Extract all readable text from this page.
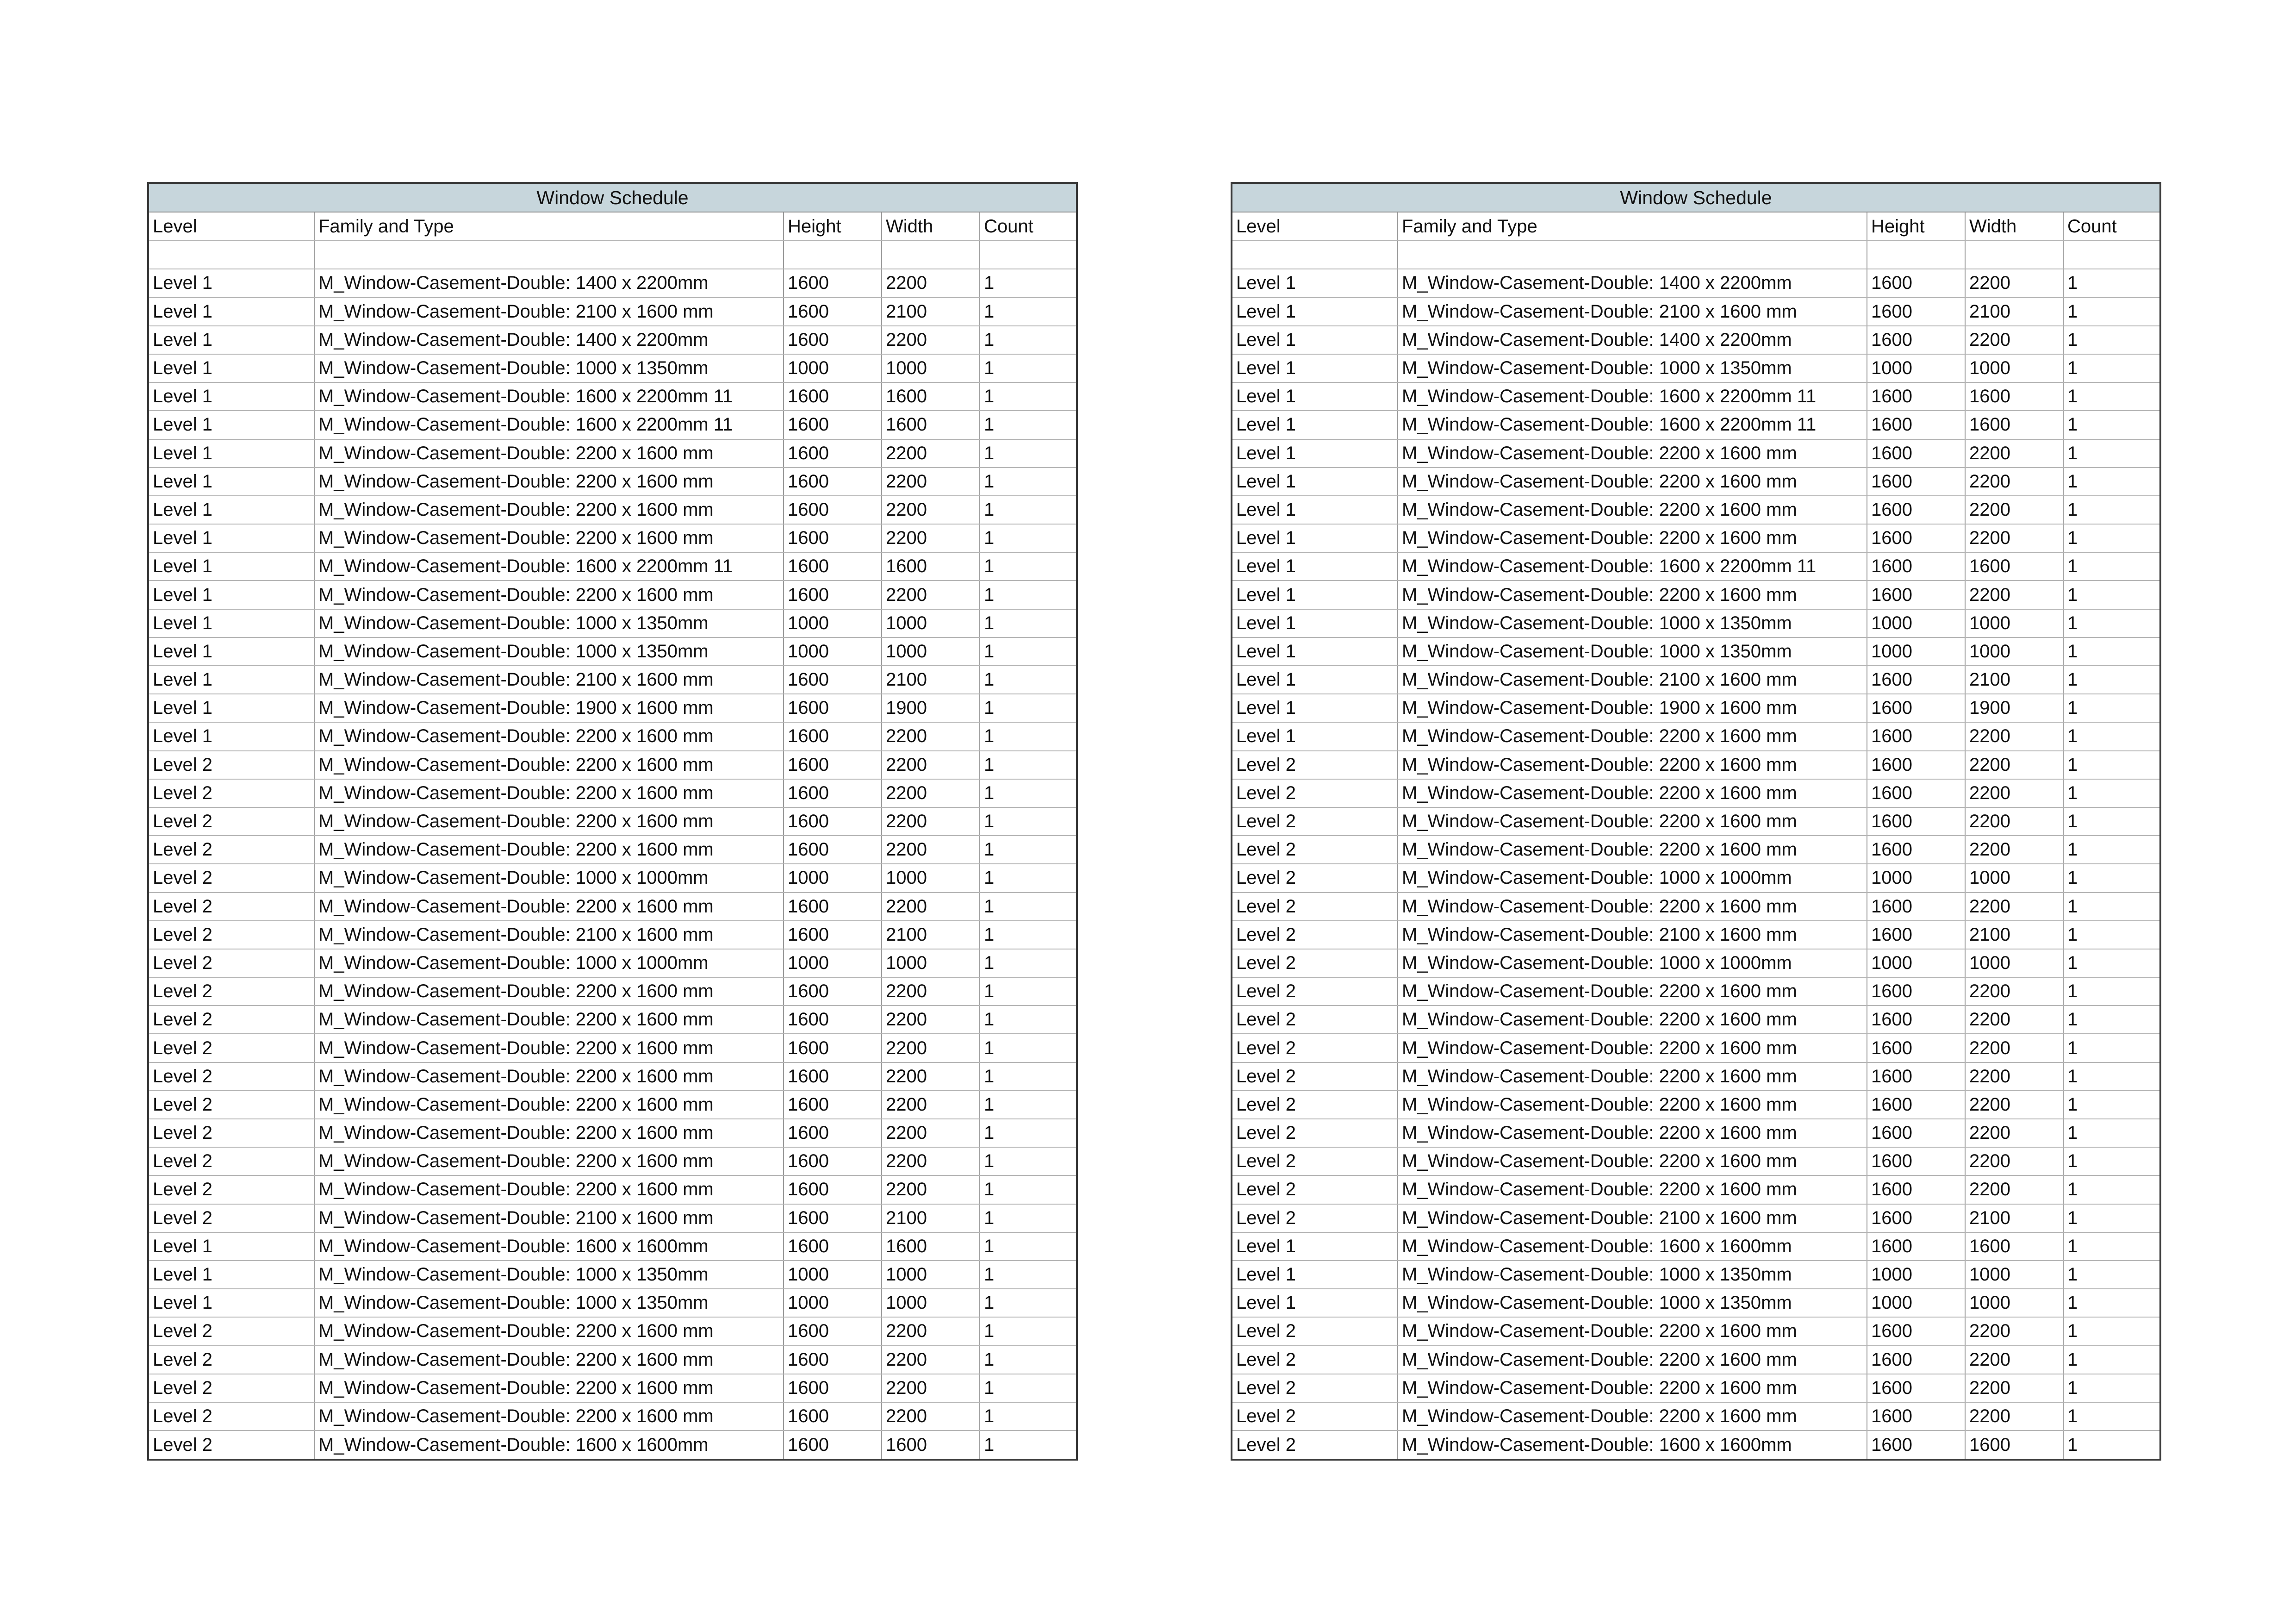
Window Schedule
Level	Family and Type	Height	Width	Count

Level 1	M_Window-Casement-Double: 1400 x 2200mm	1600	2200	1
Level 1	M_Window-Casement-Double: 2100 x 1600 mm	1600	2100	1
Level 1	M_Window-Casement-Double: 1400 x 2200mm	1600	2200	1
Level 1	M_Window-Casement-Double: 1000 x 1350mm	1000	1000	1
Level 1	M_Window-Casement-Double: 1600 x 2200mm 11	1600	1600	1
Level 1	M_Window-Casement-Double: 1600 x 2200mm 11	1600	1600	1
Level 1	M_Window-Casement-Double: 2200 x 1600 mm	1600	2200	1
Level 1	M_Window-Casement-Double: 2200 x 1600 mm	1600	2200	1
Level 1	M_Window-Casement-Double: 2200 x 1600 mm	1600	2200	1
Level 1	M_Window-Casement-Double: 2200 x 1600 mm	1600	2200	1
Level 1	M_Window-Casement-Double: 1600 x 2200mm 11	1600	1600	1
Level 1	M_Window-Casement-Double: 2200 x 1600 mm	1600	2200	1
Level 1	M_Window-Casement-Double: 1000 x 1350mm	1000	1000	1
Level 1	M_Window-Casement-Double: 1000 x 1350mm	1000	1000	1
Level 1	M_Window-Casement-Double: 2100 x 1600 mm	1600	2100	1
Level 1	M_Window-Casement-Double: 1900 x 1600 mm	1600	1900	1
Level 1	M_Window-Casement-Double: 2200 x 1600 mm	1600	2200	1
Level 2	M_Window-Casement-Double: 2200 x 1600 mm	1600	2200	1
Level 2	M_Window-Casement-Double: 2200 x 1600 mm	1600	2200	1
Level 2	M_Window-Casement-Double: 2200 x 1600 mm	1600	2200	1
Level 2	M_Window-Casement-Double: 2200 x 1600 mm	1600	2200	1
Level 2	M_Window-Casement-Double: 1000 x 1000mm	1000	1000	1
Level 2	M_Window-Casement-Double: 2200 x 1600 mm	1600	2200	1
Level 2	M_Window-Casement-Double: 2100 x 1600 mm	1600	2100	1
Level 2	M_Window-Casement-Double: 1000 x 1000mm	1000	1000	1
Level 2	M_Window-Casement-Double: 2200 x 1600 mm	1600	2200	1
Level 2	M_Window-Casement-Double: 2200 x 1600 mm	1600	2200	1
Level 2	M_Window-Casement-Double: 2200 x 1600 mm	1600	2200	1
Level 2	M_Window-Casement-Double: 2200 x 1600 mm	1600	2200	1
Level 2	M_Window-Casement-Double: 2200 x 1600 mm	1600	2200	1
Level 2	M_Window-Casement-Double: 2200 x 1600 mm	1600	2200	1
Level 2	M_Window-Casement-Double: 2200 x 1600 mm	1600	2200	1
Level 2	M_Window-Casement-Double: 2200 x 1600 mm	1600	2200	1
Level 2	M_Window-Casement-Double: 2100 x 1600 mm	1600	2100	1
Level 1	M_Window-Casement-Double: 1600 x 1600mm	1600	1600	1
Level 1	M_Window-Casement-Double: 1000 x 1350mm	1000	1000	1
Level 1	M_Window-Casement-Double: 1000 x 1350mm	1000	1000	1
Level 2	M_Window-Casement-Double: 2200 x 1600 mm	1600	2200	1
Level 2	M_Window-Casement-Double: 2200 x 1600 mm	1600	2200	1
Level 2	M_Window-Casement-Double: 2200 x 1600 mm	1600	2200	1
Level 2	M_Window-Casement-Double: 2200 x 1600 mm	1600	2200	1
Level 2	M_Window-Casement-Double: 1600 x 1600mm	1600	1600	1
Window Schedule
Level	Family and Type	Height	Width	Count

Level 1	M_Window-Casement-Double: 1400 x 2200mm	1600	2200	1
Level 1	M_Window-Casement-Double: 2100 x 1600 mm	1600	2100	1
Level 1	M_Window-Casement-Double: 1400 x 2200mm	1600	2200	1
Level 1	M_Window-Casement-Double: 1000 x 1350mm	1000	1000	1
Level 1	M_Window-Casement-Double: 1600 x 2200mm 11	1600	1600	1
Level 1	M_Window-Casement-Double: 1600 x 2200mm 11	1600	1600	1
Level 1	M_Window-Casement-Double: 2200 x 1600 mm	1600	2200	1
Level 1	M_Window-Casement-Double: 2200 x 1600 mm	1600	2200	1
Level 1	M_Window-Casement-Double: 2200 x 1600 mm	1600	2200	1
Level 1	M_Window-Casement-Double: 2200 x 1600 mm	1600	2200	1
Level 1	M_Window-Casement-Double: 1600 x 2200mm 11	1600	1600	1
Level 1	M_Window-Casement-Double: 2200 x 1600 mm	1600	2200	1
Level 1	M_Window-Casement-Double: 1000 x 1350mm	1000	1000	1
Level 1	M_Window-Casement-Double: 1000 x 1350mm	1000	1000	1
Level 1	M_Window-Casement-Double: 2100 x 1600 mm	1600	2100	1
Level 1	M_Window-Casement-Double: 1900 x 1600 mm	1600	1900	1
Level 1	M_Window-Casement-Double: 2200 x 1600 mm	1600	2200	1
Level 2	M_Window-Casement-Double: 2200 x 1600 mm	1600	2200	1
Level 2	M_Window-Casement-Double: 2200 x 1600 mm	1600	2200	1
Level 2	M_Window-Casement-Double: 2200 x 1600 mm	1600	2200	1
Level 2	M_Window-Casement-Double: 2200 x 1600 mm	1600	2200	1
Level 2	M_Window-Casement-Double: 1000 x 1000mm	1000	1000	1
Level 2	M_Window-Casement-Double: 2200 x 1600 mm	1600	2200	1
Level 2	M_Window-Casement-Double: 2100 x 1600 mm	1600	2100	1
Level 2	M_Window-Casement-Double: 1000 x 1000mm	1000	1000	1
Level 2	M_Window-Casement-Double: 2200 x 1600 mm	1600	2200	1
Level 2	M_Window-Casement-Double: 2200 x 1600 mm	1600	2200	1
Level 2	M_Window-Casement-Double: 2200 x 1600 mm	1600	2200	1
Level 2	M_Window-Casement-Double: 2200 x 1600 mm	1600	2200	1
Level 2	M_Window-Casement-Double: 2200 x 1600 mm	1600	2200	1
Level 2	M_Window-Casement-Double: 2200 x 1600 mm	1600	2200	1
Level 2	M_Window-Casement-Double: 2200 x 1600 mm	1600	2200	1
Level 2	M_Window-Casement-Double: 2200 x 1600 mm	1600	2200	1
Level 2	M_Window-Casement-Double: 2100 x 1600 mm	1600	2100	1
Level 1	M_Window-Casement-Double: 1600 x 1600mm	1600	1600	1
Level 1	M_Window-Casement-Double: 1000 x 1350mm	1000	1000	1
Level 1	M_Window-Casement-Double: 1000 x 1350mm	1000	1000	1
Level 2	M_Window-Casement-Double: 2200 x 1600 mm	1600	2200	1
Level 2	M_Window-Casement-Double: 2200 x 1600 mm	1600	2200	1
Level 2	M_Window-Casement-Double: 2200 x 1600 mm	1600	2200	1
Level 2	M_Window-Casement-Double: 2200 x 1600 mm	1600	2200	1
Level 2	M_Window-Casement-Double: 1600 x 1600mm	1600	1600	1
